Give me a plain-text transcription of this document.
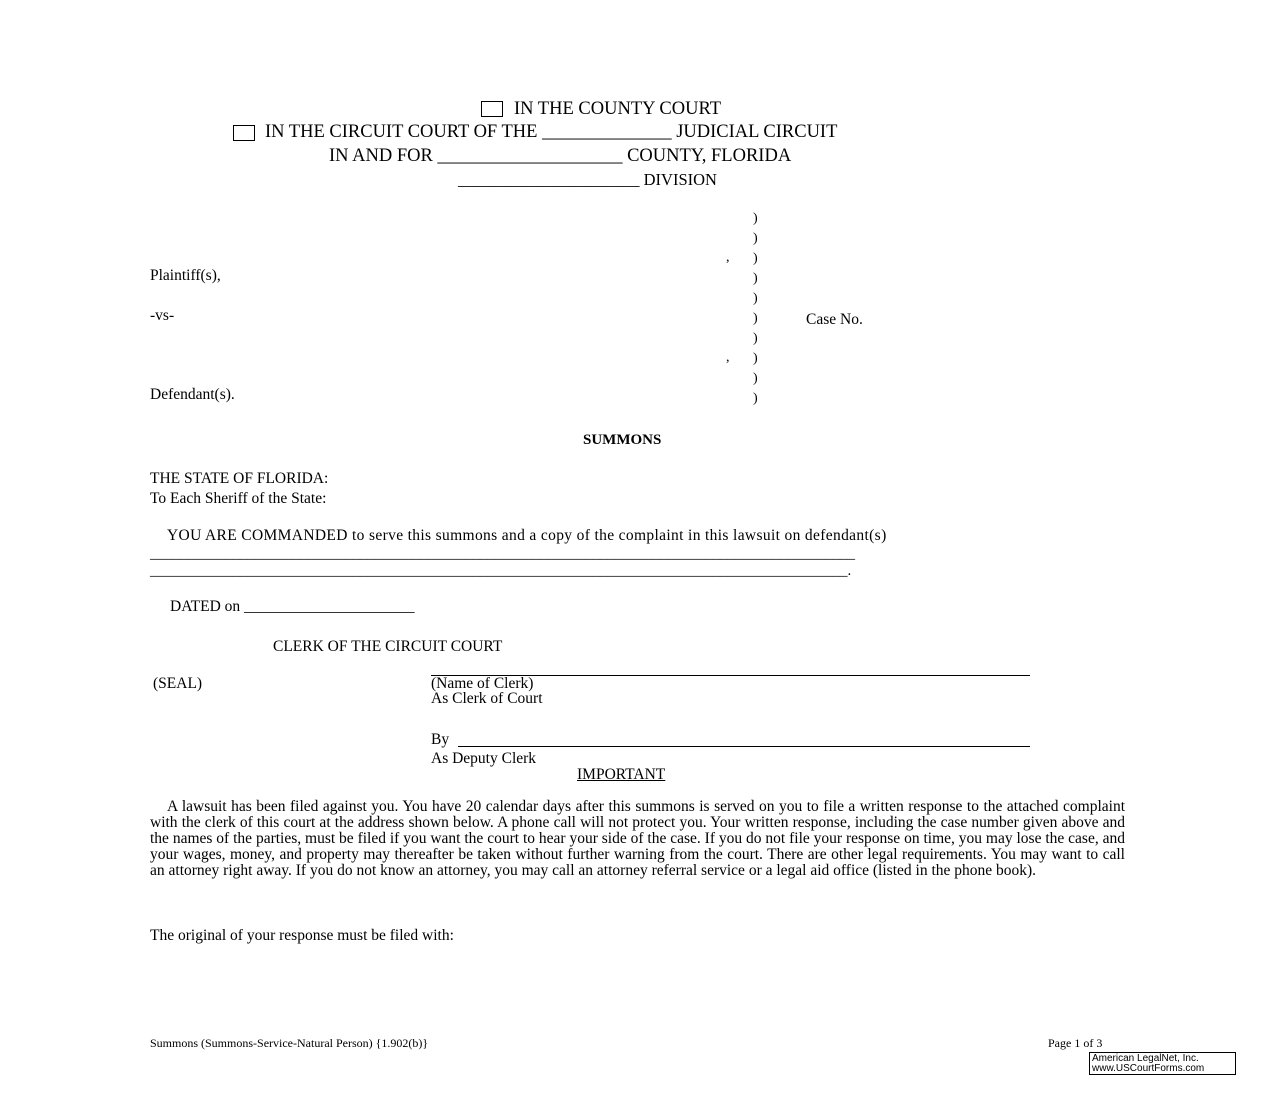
IN THE COUNTY COURT
IN THE CIRCUIT COURT OF THE ______________ JUDICIAL CIRCUIT
IN AND FOR ____________________ COUNTY, FLORIDA
______________________ DIVISION
)
)
)
)
)
)
)
)
)
)
,
,
Plaintiff(s),
-vs-
Defendant(s).
Case No.
SUMMONS
THE STATE OF FLORIDA:
To Each Sheriff of the State:
YOU ARE COMMANDED to serve this summons and a copy of the complaint in this lawsuit on defendant(s)
______________________________________________________________________________________________
_____________________________________________________________________________________________.
DATED on ______________________
CLERK OF THE CIRCUIT COURT
(SEAL)	(Name of Clerk)
As Clerk of Court
By
As Deputy Clerk
IMPORTANT
A lawsuit has been filed against you. You have 20 calendar days after this summons is served on you to file a written response to the attached complaint with the clerk of this court at the address shown below. A phone call will not protect you. Your written response, including the case number given above and the names of the parties, must be filed if you want the court to hear your side of the case. If you do not file your response on time, you may lose the case, and your wages, money, and property may thereafter be taken without further warning from the court. There are other legal requirements. You may want to call an attorney right away. If you do not know an attorney, you may call an attorney referral service or a legal aid office (listed in the phone book).
The original of your response must be filed with:
Summons (Summons-Service-Natural Person) {1.902(b)}	Page 1 of 3
American LegalNet, Inc.
www.USCourtForms.com
